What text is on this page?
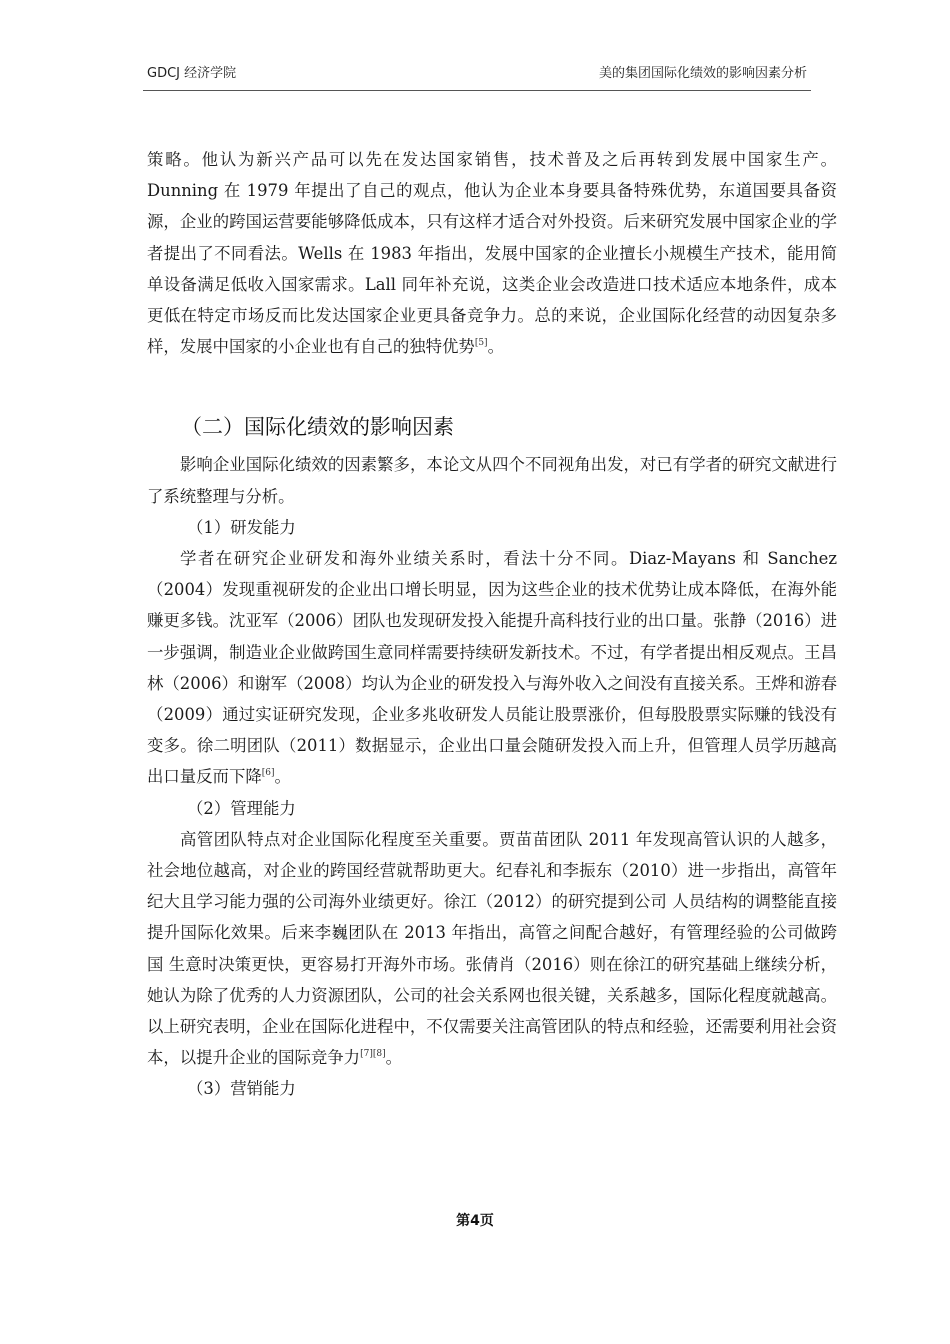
GDCJ 经济学院	美的集团国际化绩效的影响因素分析

策略。他认为新兴产品可以先在发达国家销售，技术普及之后再转到发展中国家生产。Dunning 在 1979 年提出了自己的观点，他认为企业本身要具备特殊优势，东道国要具备资源，企业的跨国运营要能够降低成本，只有这样才适合对外投资。后来研究发展中国家企业的学者提出了不同看法。Wells 在 1983 年指出，发展中国家的企业擅长小规模生产技术，能用简单设备满足低收入国家需求。Lall 同年补充说，这类企业会改造进口技术适应本地条件，成本更低在特定市场反而比发达国家企业更具备竞争力。总的来说，企业国际化经营的动因复杂多样，发展中国家的小企业也有自己的独特优势[5]。

（二）国际化绩效的影响因素

影响企业国际化绩效的因素繁多，本论文从四个不同视角出发，对已有学者的研究文献进行了系统整理与分析。

（1）研发能力

学者在研究企业研发和海外业绩关系时，看法十分不同。Diaz-Mayans 和 Sanchez（2004）发现重视研发的企业出口增长明显，因为这些企业的技术优势让成本降低，在海外能赚更多钱。沈亚军（2006）团队也发现研发投入能提升高科技行业的出口量。张静（2016）进一步强调，制造业企业做跨国生意同样需要持续研发新技术。不过，有学者提出相反观点。王昌林（2006）和谢军（2008）均认为企业的研发投入与海外收入之间没有直接关系。王烨和游春（2009）通过实证研究发现，企业多兆收研发人员能让股票涨价，但每股股票实际赚的钱没有变多。徐二明团队（2011）数据显示，企业出口量会随研发投入而上升，但管理人员学历越高出口量反而下降[6]。

（2）管理能力

高管团队特点对企业国际化程度至关重要。贾苗苗团队 2011 年发现高管认识的人越多，社会地位越高，对企业的跨国经营就帮助更大。纪春礼和李振东（2010）进一步指出，高管年纪大且学习能力强的公司海外业绩更好。徐江（2012）的研究提到公司 人员结构的调整能直接提升国际化效果。后来李巍团队在 2013 年指出，高管之间配合越好，有管理经验的公司做跨国 生意时决策更快，更容易打开海外市场。张倩肖（2016）则在徐江的研究基础上继续分析，她认为除了优秀的人力资源团队，公司的社会关系网也很关键，关系越多，国际化程度就越高。以上研究表明，企业在国际化进程中，不仅需要关注高管团队的特点和经验，还需要利用社会资本，以提升企业的国际竞争力[7][8]。

（3）营销能力

第4页
